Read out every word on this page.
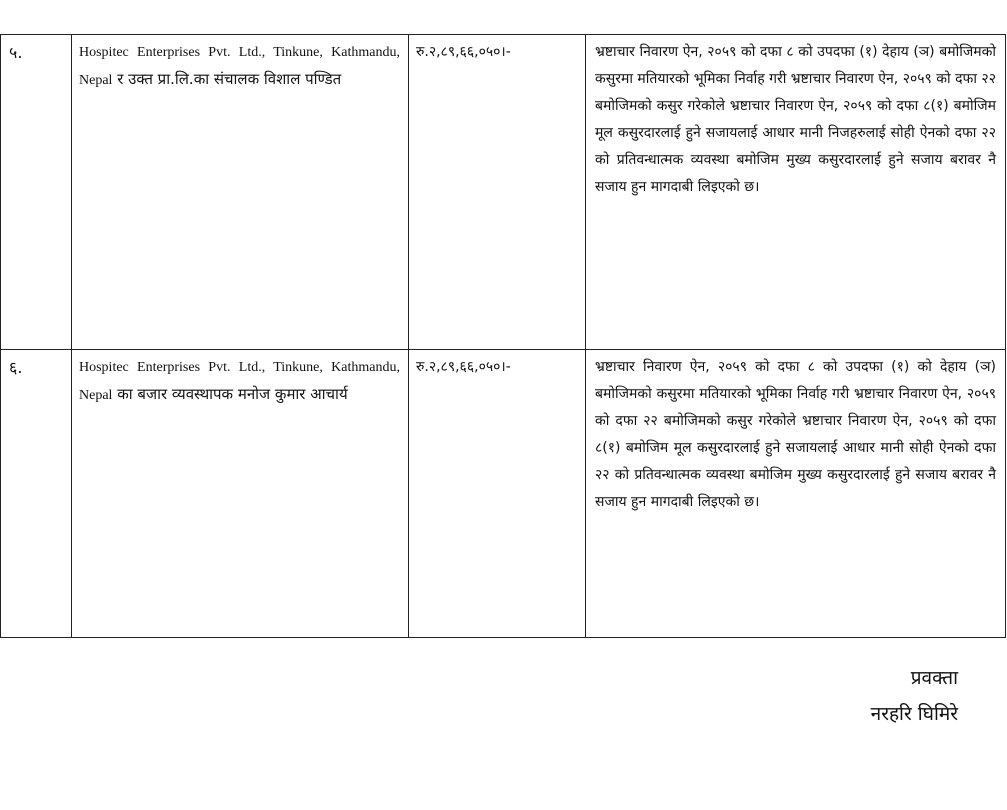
५.	Hospitec Enterprises Pvt. Ltd., Tinkune, Kathmandu, Nepal र उक्त प्रा.लि.का संचालक विशाल पण्डित	रु.२,८९,६६,०५०।-	भ्रष्टाचार निवारण ऐन, २०५९ को दफा ८ को उपदफा (१) देहाय (ञ) बमोजिमको कसुरमा मतियारको भूमिका निर्वाह गरी भ्रष्टाचार निवारण ऐन, २०५९ को दफा २२ बमोजिमको कसुर गरेकोले भ्रष्टाचार निवारण ऐन, २०५९ को दफा ८(१) बमोजिम मूल कसुरदारलाई हुने सजायलाई आधार मानी निजहरुलाई सोही ऐनको दफा २२ को प्रतिवन्धात्मक व्यवस्था बमोजिम मुख्य कसुरदारलाई हुने सजाय बरावर नै सजाय हुन मागदाबी लिइएको छ।

६.	Hospitec Enterprises Pvt. Ltd., Tinkune, Kathmandu, Nepal का बजार व्यवस्थापक मनोज कुमार आचार्य	रु.२,८९,६६,०५०।-	भ्रष्टाचार निवारण ऐन, २०५९ को दफा ८ को उपदफा (१) को देहाय (ञ) बमोजिमको कसुरमा मतियारको भूमिका निर्वाह गरी भ्रष्टाचार निवारण ऐन, २०५९ को दफा २२ बमोजिमको कसुर गरेकोले भ्रष्टाचार निवारण ऐन, २०५९ को दफा ८(१) बमोजिम मूल कसुरदारलाई हुने सजायलाई आधार मानी सोही ऐनको दफा २२ को प्रतिवन्धात्मक व्यवस्था बमोजिम मुख्य कसुरदारलाई हुने सजाय बरावर नै सजाय हुन मागदाबी लिइएको छ।
प्रवक्ता
नरहरि घिमिरे
